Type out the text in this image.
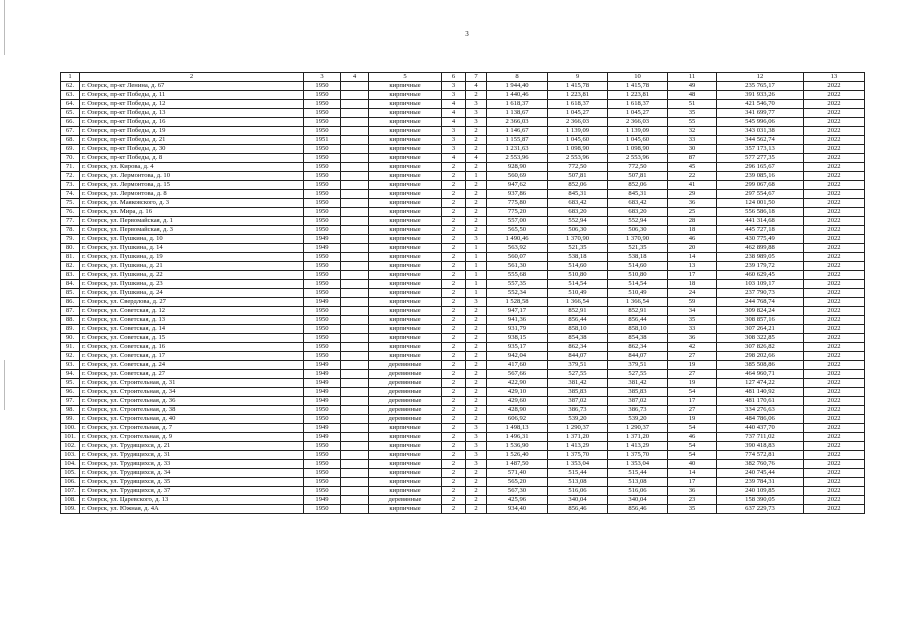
3
1	2	3	4	5	6	7	8	9	10	11	12	13
62.	г. Озерск, пр-кт Ленина, д. 67	1950		кирпичные	3	4	1 944,40	1 415,78	1 415,78	49	235 765,17	2022
63.	г. Озерск, пр-кт Победы, д. 11	1950		кирпичные	3	2	1 440,46	1 223,81	1 223,81	48	391 933,26	2022
64.	г. Озерск, пр-кт Победы, д. 12	1950		кирпичные	4	3	1 618,37	1 618,37	1 618,37	51	421 546,70	2022
65.	г. Озерск, пр-кт Победы, д. 13	1950		кирпичные	4	3	1 138,67	1 045,27	1 045,27	35	341 699,77	2022
66.	г. Озерск, пр-кт Победы, д. 16	1950		кирпичные	4	3	2 366,03	2 366,03	2 366,03	55	545 996,06	2022
67.	г. Озерск, пр-кт Победы, д. 19	1950		кирпичные	3	2	1 146,67	1 139,09	1 139,09	32	343 031,38	2022
68.	г. Озерск, пр-кт Победы, д. 21	1951		кирпичные	3	2	1 155,87	1 045,60	1 045,60	33	344 562,74	2022
69.	г. Озерск, пр-кт Победы, д. 30	1950		кирпичные	3	2	1 231,63	1 098,90	1 098,90	30	357 173,13	2022
70.	г. Озерск, пр-кт Победы, д. 8	1950		кирпичные	4	4	2 553,96	2 553,96	2 553,96	87	577 277,35	2022
71.	г. Озерск, ул. Кирова, д. 4	1950		кирпичные	2	2	928,90	772,50	772,50	45	296 165,67	2022
72.	г. Озерск, ул. Лермонтова, д. 10	1950		кирпичные	2	1	560,69	507,81	507,81	22	239 085,16	2022
73.	г. Озерск, ул. Лермонтова, д. 15	1950		кирпичные	2	2	947,62	852,06	852,06	41	299 067,68	2022
74.	г. Озерск, ул. Лермонтова, д. 8	1950		кирпичные	2	2	937,86	845,31	845,31	29	297 554,67	2022
75.	г. Озерск, ул. Маяковского, д. 3	1950		кирпичные	2	2	775,80	683,42	683,42	36	124 001,50	2022
76.	г. Озерск, ул. Мира, д. 16	1950		кирпичные	2	2	775,20	683,20	683,20	25	556 586,18	2022
77.	г. Озерск, ул. Первомайская, д. 1	1950		кирпичные	2	2	557,00	552,94	552,94	28	441 314,68	2022
78.	г. Озерск, ул. Первомайская, д. 3	1950		кирпичные	2	2	565,50	506,30	506,30	18	445 727,18	2022
79.	г. Озерск, ул. Пушкина, д. 10	1949		кирпичные	2	3	1 490,46	1 370,90	1 370,90	46	430 775,49	2022
80.	г. Озерск, ул. Пушкина, д. 14	1949		кирпичные	2	1	563,92	521,35	521,35	20	462 899,88	2022
81.	г. Озерск, ул. Пушкина, д. 19	1950		кирпичные	2	1	560,07	538,18	538,18	14	238 989,05	2022
82.	г. Озерск, ул. Пушкина, д. 21	1950		кирпичные	2	1	561,30	514,60	514,60	13	239 179,72	2022
83.	г. Озерск, ул. Пушкина, д. 22	1950		кирпичные	2	1	555,68	510,80	510,80	17	460 629,45	2022
84.	г. Озерск, ул. Пушкина, д. 23	1950		кирпичные	2	1	557,35	514,54	514,54	18	103 109,17	2022
85.	г. Озерск, ул. Пушкина, д. 24	1950		кирпичные	2	1	552,34	510,49	510,49	24	237 790,73	2022
86.	г. Озерск, ул. Свердлова, д. 27	1949		кирпичные	2	3	1 528,58	1 366,54	1 366,54	59	244 768,74	2022
87.	г. Озерск, ул. Советская, д. 12	1950		кирпичные	2	2	947,17	852,91	852,91	34	309 824,24	2022
88.	г. Озерск, ул. Советская, д. 13	1950		кирпичные	2	2	941,36	856,44	856,44	35	308 857,16	2022
89.	г. Озерск, ул. Советская, д. 14	1950		кирпичные	2	2	931,79	858,10	858,10	33	307 264,21	2022
90.	г. Озерск, ул. Советская, д. 15	1950		кирпичные	2	2	938,15	854,38	854,38	36	308 322,85	2022
91.	г. Озерск, ул. Советская, д. 16	1950		кирпичные	2	2	935,17	862,34	862,34	42	307 826,82	2022
92.	г. Озерск, ул. Советская, д. 17	1950		кирпичные	2	2	942,04	844,07	844,07	27	298 202,66	2022
93.	г. Озерск, ул. Советская, д. 24	1949		деревянные	2	2	417,60	379,51	379,51	19	385 508,86	2022
94.	г. Озерск, ул. Советская, д. 27	1949		деревянные	2	2	567,66	527,55	527,55	27	464 960,71	2022
95.	г. Озерск, ул. Строительная, д. 31	1949		деревянные	2	2	422,90	381,42	381,42	19	127 474,22	2022
96.	г. Озерск, ул. Строительная, д. 34	1949		деревянные	2	2	429,10	385,83	385,83	54	481 140,92	2022
97.	г. Озерск, ул. Строительная, д. 36	1949		деревянные	2	2	429,60	387,02	387,02	17	481 170,61	2022
98.	г. Озерск, ул. Строительная, д. 38	1950		деревянные	2	2	428,90	386,73	386,73	27	334 276,63	2022
99.	г. Озерск, ул. Строительная, д. 40	1950		деревянные	2	2	606,92	539,20	539,20	19	484 786,06	2022
100.	г. Озерск, ул. Строительная, д. 7	1949		кирпичные	2	3	1 498,13	1 290,37	1 290,37	54	440 437,70	2022
101.	г. Озерск, ул. Строительная, д. 9	1949		кирпичные	2	3	1 496,31	1 371,20	1 371,20	46	737 711,02	2022
102.	г. Озерск, ул. Трудящихся, д. 21	1950		кирпичные	2	3	1 536,90	1 413,29	1 413,29	54	390 418,83	2022
103.	г. Озерск, ул. Трудящихся, д. 31	1950		кирпичные	2	3	1 526,40	1 375,70	1 375,70	54	774 572,81	2022
104.	г. Озерск, ул. Трудящихся, д. 33	1950		кирпичные	2	3	1 487,50	1 353,04	1 353,04	40	382 760,76	2022
105.	г. Озерск, ул. Трудящихся, д. 34	1950		кирпичные	2	2	571,40	515,44	515,44	14	240 745,44	2022
106.	г. Озерск, ул. Трудящихся, д. 35	1950		кирпичные	2	2	565,20	513,08	513,08	17	239 784,31	2022
107.	г. Озерск, ул. Трудящихся, д. 37	1950		кирпичные	2	2	567,30	516,06	516,06	36	240 109,85	2022
108.	г. Озерск, ул. Царевского, д. 13	1949		деревянные	2	2	425,96	340,04	340,04	23	158 390,05	2022
109.	г. Озерск, ул. Южная, д. 4А	1950		кирпичные	2	2	934,40	856,46	856,46	35	637 229,73	2022
